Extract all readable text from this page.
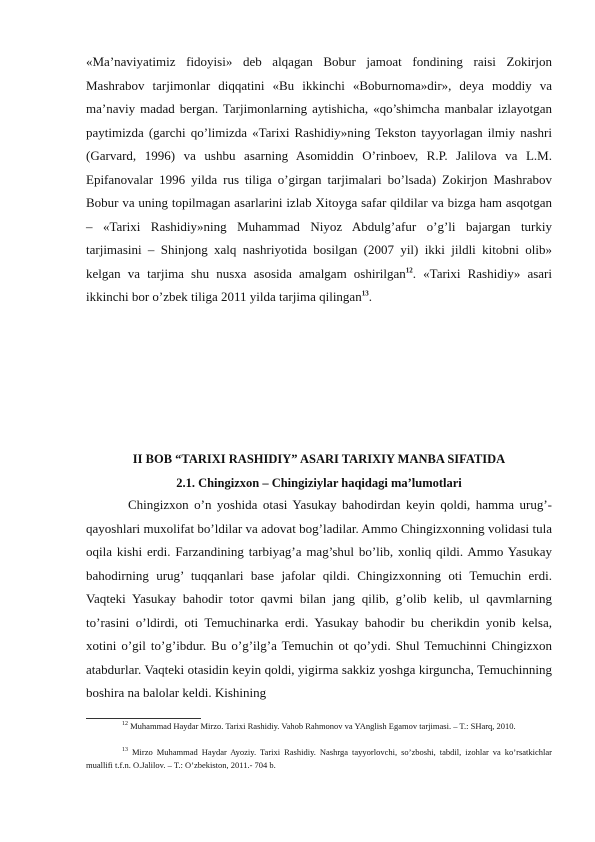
«Ma’naviyatimiz fidoyisi» deb alqagan Bobur jamoat fondining raisi Zokirjon Mashrabov tarjimonlar diqqatini «Bu ikkinchi «Boburnoma»dir», deya moddiy va ma’naviy madad bergan. Tarjimonlarning aytishicha, «qo’shimcha manbalar izlayotgan paytimizda (garchi qo’limizda «Tarixi Rashidiy»ning Tekston tayyorlagan ilmiy nashri (Garvard, 1996) va ushbu asarning Asomiddin O’rinboev, R.P. Jalilova va L.M. Epifanovalar 1996 yilda rus tiliga o’girgan tarjimalari bo’lsada) Zokirjon Mashrabov Bobur va uning topilmagan asarlarini izlab Xitoyga safar qildilar va bizga ham asqotgan – «Tarixi Rashidiy»ning Muhammad Niyoz Abdulg’afur o’g’li bajargan turkiy tarjimasini – Shinjong xalq nashriyotida bosilgan (2007 yil) ikki jildli kitobni olib» kelgan va tarjima shu nusxa asosida amalgam oshirilgan$^{12}$. «Tarixi Rashidiy» asari ikkinchi bor o’zbek tiliga 2011 yilda tarjima qilingan$^{13}$.

II BOB “TARIXI RASHIDIY” ASARI TARIXIY MANBA SIFATIDA
2.1. Chingizxon – Chingiziylar haqidagi ma’lumotlari

Chingizxon o’n yoshida otasi Yasukay bahodirdan keyin qoldi, hamma urug’-qayoshlari muxolifat bo’ldilar va adovat bog’ladilar. Ammo Chingizxonning volidasi tula oqila kishi erdi. Farzandining tarbiyag’a mag’shul bo’lib, xonliq qildi. Ammo Yasukay bahodirning urug’ tuqqanlari base jafolar qildi. Chingizxonning oti Temuchin erdi. Vaqteki Yasukay bahodir totor qavmi bilan jang qilib, g’olib kelib, ul qavmlarning to’rasini o’ldirdi, oti Temuchinarka erdi. Yasukay bahodir bu cherikdin yonib kelsa, xotini o’gil to’g’ibdur. Bu o’g’ilg’a Temuchin ot qo’ydi. Shul Temuchinni Chingizxon atabdurlar. Vaqteki otasidin keyin qoldi, yigirma sakkiz yoshga kirguncha, Temuchinning boshira na balolar keldi. Kishining

$^{12}$ Muhammad Haydar Mirzo. Tarixi Rashidiy. Vahob Rahmonov va YAnglish Egamov tarjimasi. – T.: SHarq, 2010.

$^{13}$ Mirzo Muhammad Haydar Ayoziy. Tarixi Rashidiy. Nashrga tayyorlovchi, so’zboshi, tabdil, izohlar va ko’rsatkichlar muallifi t.f.n. O.Jalilov. – T.: O’zbekiston, 2011.- 704 b.
